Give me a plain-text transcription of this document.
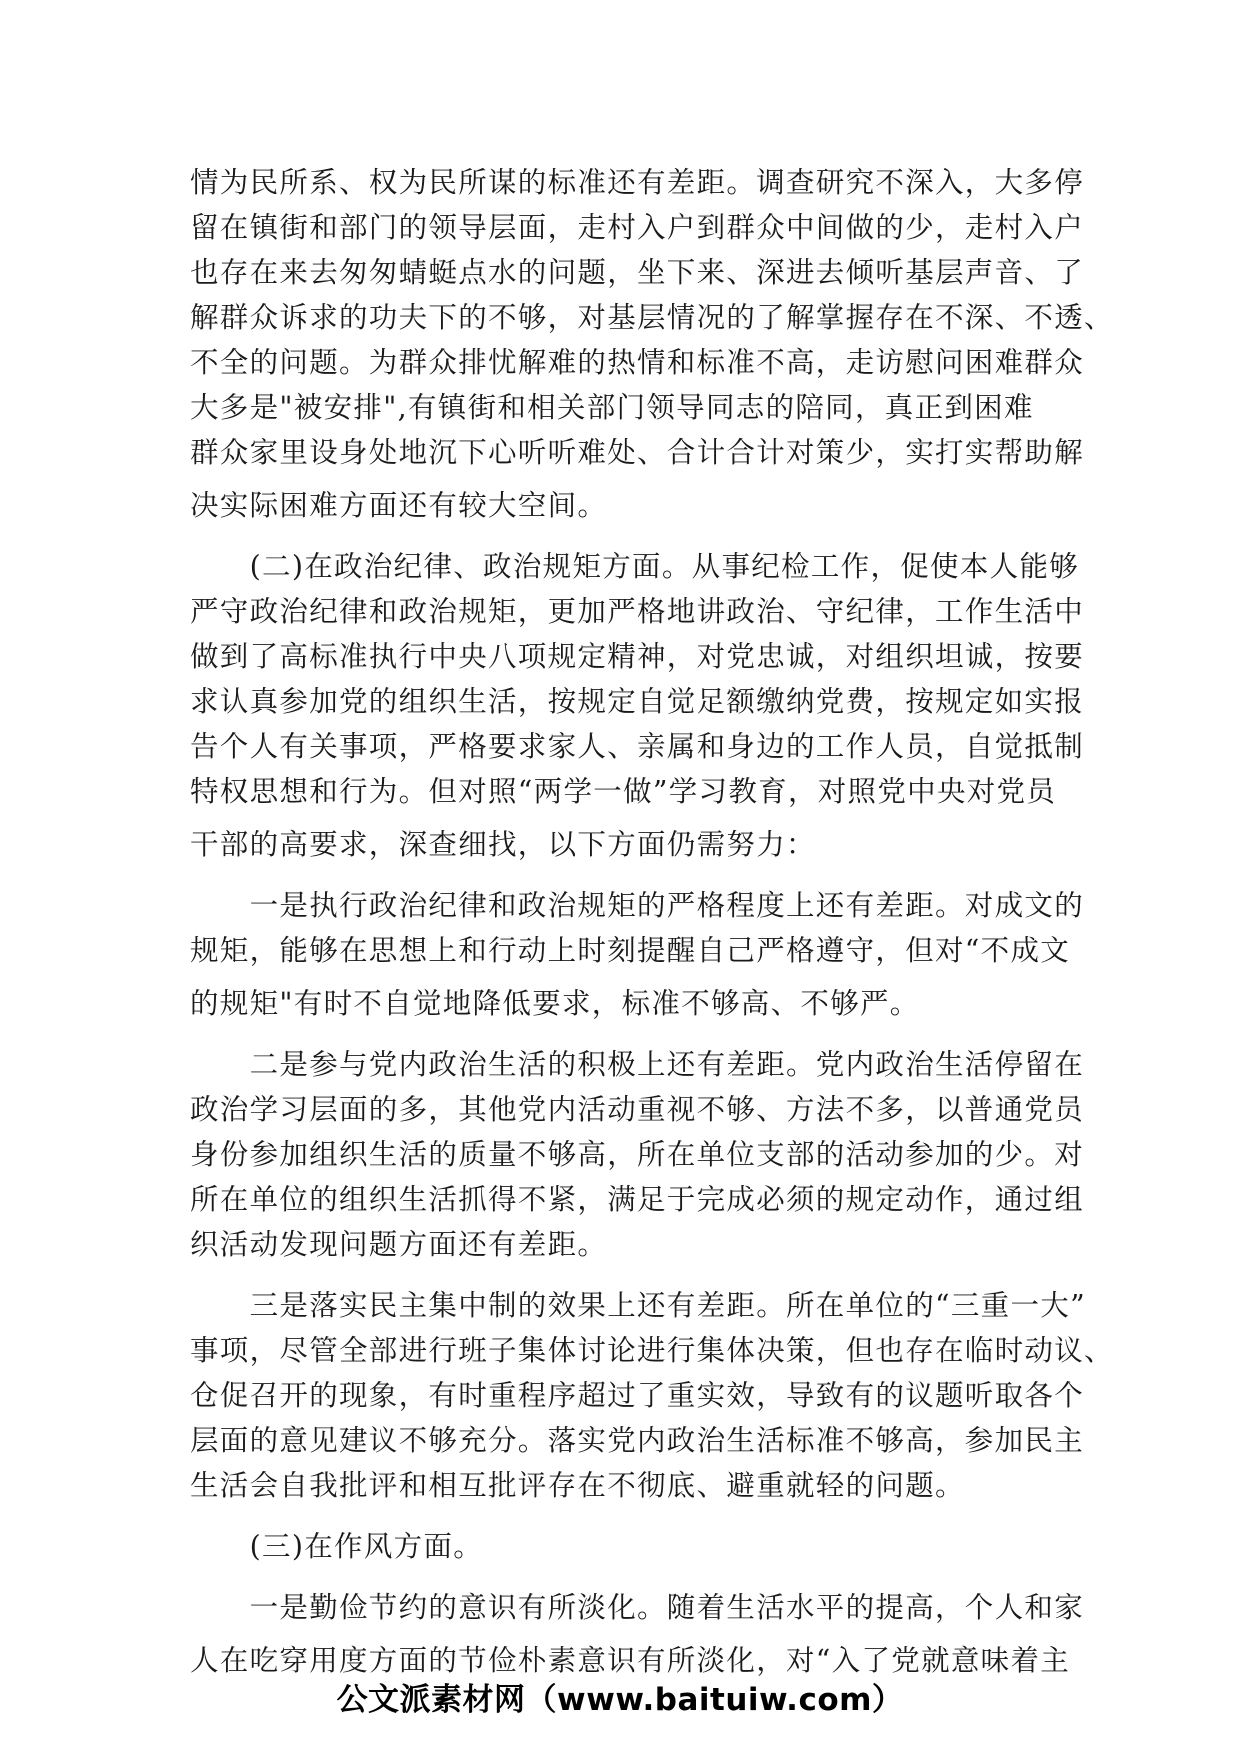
情为民所系、权为民所谋的标准还有差距。调查研究不深入，大多停
留在镇街和部门的领导层面，走村入户到群众中间做的少，走村入户
也存在来去匆匆蜻蜓点水的问题，坐下来、深进去倾听基层声音、了
解群众诉求的功夫下的不够，对基层情况的了解掌握存在不深、不透、
不全的问题。为群众排忧解难的热情和标准不高，走访慰问困难群众
大多是"被安排",有镇街和相关部门领导同志的陪同，真正到困难
群众家里设身处地沉下心听听难处、合计合计对策少，实打实帮助解
决实际困难方面还有较大空间。

　　(二)在政治纪律、政治规矩方面。从事纪检工作，促使本人能够
严守政治纪律和政治规矩，更加严格地讲政治、守纪律，工作生活中
做到了高标准执行中央八项规定精神，对党忠诚，对组织坦诚，按要
求认真参加党的组织生活，按规定自觉足额缴纳党费，按规定如实报
告个人有关事项，严格要求家人、亲属和身边的工作人员，自觉抵制
特权思想和行为。但对照“两学一做”学习教育，对照党中央对党员
干部的高要求，深查细找，以下方面仍需努力：

　　一是执行政治纪律和政治规矩的严格程度上还有差距。对成文的
规矩，能够在思想上和行动上时刻提醒自己严格遵守，但对“不成文
的规矩"有时不自觉地降低要求，标准不够高、不够严。

　　二是参与党内政治生活的积极上还有差距。党内政治生活停留在
政治学习层面的多，其他党内活动重视不够、方法不多，以普通党员
身份参加组织生活的质量不够高，所在单位支部的活动参加的少。对
所在单位的组织生活抓得不紧，满足于完成必须的规定动作，通过组
织活动发现问题方面还有差距。

　　三是落实民主集中制的效果上还有差距。所在单位的“三重一大”
事项，尽管全部进行班子集体讨论进行集体决策，但也存在临时动议、
仓促召开的现象，有时重程序超过了重实效，导致有的议题听取各个
层面的意见建议不够充分。落实党内政治生活标准不够高，参加民主
生活会自我批评和相互批评存在不彻底、避重就轻的问题。

　　(三)在作风方面。

　　一是勤俭节约的意识有所淡化。随着生活水平的提高，个人和家
人在吃穿用度方面的节俭朴素意识有所淡化，对“入了党就意味着主

公文派素材网（www.baituiw.com）
